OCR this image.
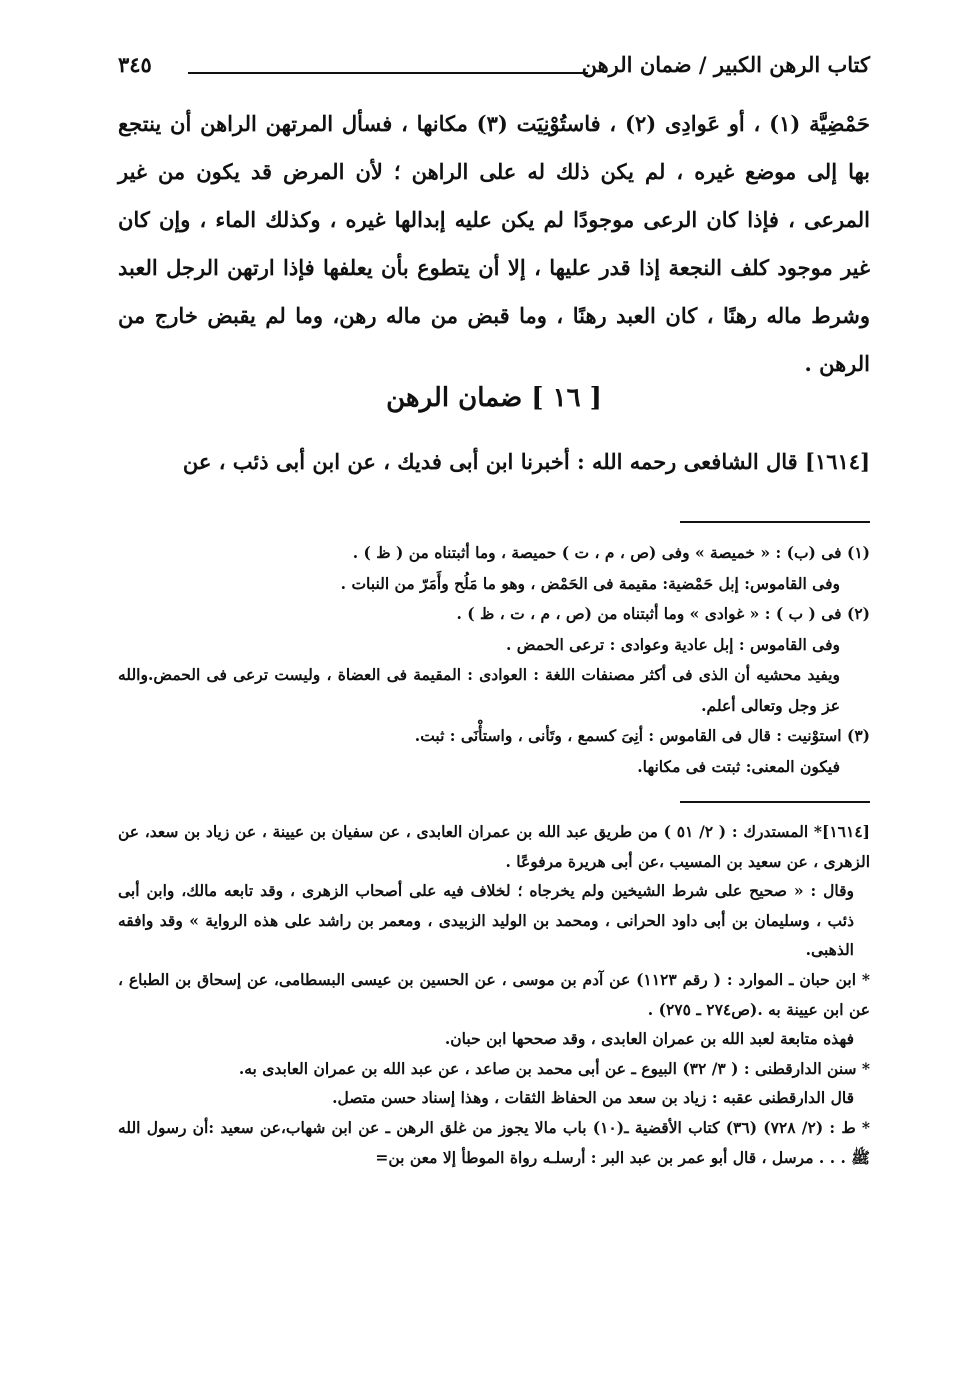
كتاب الرهن الكبير / ضمان الرهن
٣٤٥

حَمْضِيَّة (١) ، أو عَوادِى (٢) ، فاستُوْنِيَت (٣) مكانها ، فسأل المرتهن الراهن أن ينتجع بها إلى موضع غيره ، لم يكن ذلك له على الراهن ؛ لأن المرض قد يكون من غير المرعى ، فإذا كان الرعى موجودًا لم يكن عليه إبدالها غيره ، وكذلك الماء ، وإن كان غير موجود كلف النجعة إذا قدر عليها ، إلا أن يتطوع بأن يعلفها فإذا ارتهن الرجل العبد وشرط ماله رهنًا ، كان العبد رهنًا ، وما قبض من ماله رهن، وما لم يقبض خارج من الرهن .

[ ١٦ ] ضمان الرهن
[١٦١٤] قال الشافعى رحمه الله : أخبرنا ابن أبى فديك ، عن ابن أبى ذئب ، عن

(١) فى (ب) : « خميصة » وفى (ص ، م ، ت ) حميصة ، وما أثبتناه من ( ظ ) .

وفى القاموس: إبل حَمْضية: مقيمة فى الحَمْض ، وهو ما مَلُح وأَمَرّ من النبات .

(٢) فى ( ب ) : « غوادى » وما أثبتناه من (ص ، م ، ت ، ظ ) .

وفى القاموس : إبل عادية وعوادى : ترعى الحمض .

ويفيد محشيه أن الذى فى أكثر مصنفات اللغة : العوادى : المقيمة فى العضاة ، وليست ترعى فى الحمض.والله عز وجل وتعالى أعلم.

(٣) استوْنيت : قال فى القاموس : أنِىَ كسمع ، وتَأنى ، واستأْنَى : ثبت.

فيكون المعنى: ثبتت فى مكانها.

[١٦١٤]* المستدرك : ( ٢/ ٥١ ) من طريق عبد الله بن عمران العابدى ، عن سفيان بن عيينة ، عن زياد بن سعد، عن الزهرى ، عن سعيد بن المسيب ،عن أبى هريرة مرفوعًا .

وقال : « صحيح على شرط الشيخين ولم يخرجاه ؛ لخلاف فيه على أصحاب الزهرى ، وقد تابعه مالك، وابن أبى ذئب ، وسليمان بن أبى داود الحرانى ، ومحمد بن الوليد الزبيدى ، ومعمر بن راشد على هذه الرواية » وقد وافقه الذهبى.

* ابن حبان ـ الموارد : ( رقم ١١٢٣) عن آدم بن موسى ، عن الحسين بن عيسى البسطامى، عن إسحاق بن الطباع ، عن ابن عيينة به .(ص٢٧٤ ـ ٢٧٥) .

فهذه متابعة لعبد الله بن عمران العابدى ، وقد صححها ابن حبان.

* سنن الدارقطنى : ( ٣/ ٣٢) البيوع ـ عن أبى محمد بن صاعد ، عن عبد الله بن عمران العابدى به.

قال الدارقطنى عقبه : زياد بن سعد من الحفاظ الثقات ، وهذا إسناد حسن متصل.

* ط : (٢/ ٧٢٨) (٣٦) كتاب الأقضية ـ(١٠) باب مالا يجوز من غلق الرهن ـ عن ابن شهاب،عن سعيد :أن رسول الله ﷺ . . . مرسل ، قال أبو عمر بن عبد البر : أرسلـه رواة الموطأ إلا معن بن=
